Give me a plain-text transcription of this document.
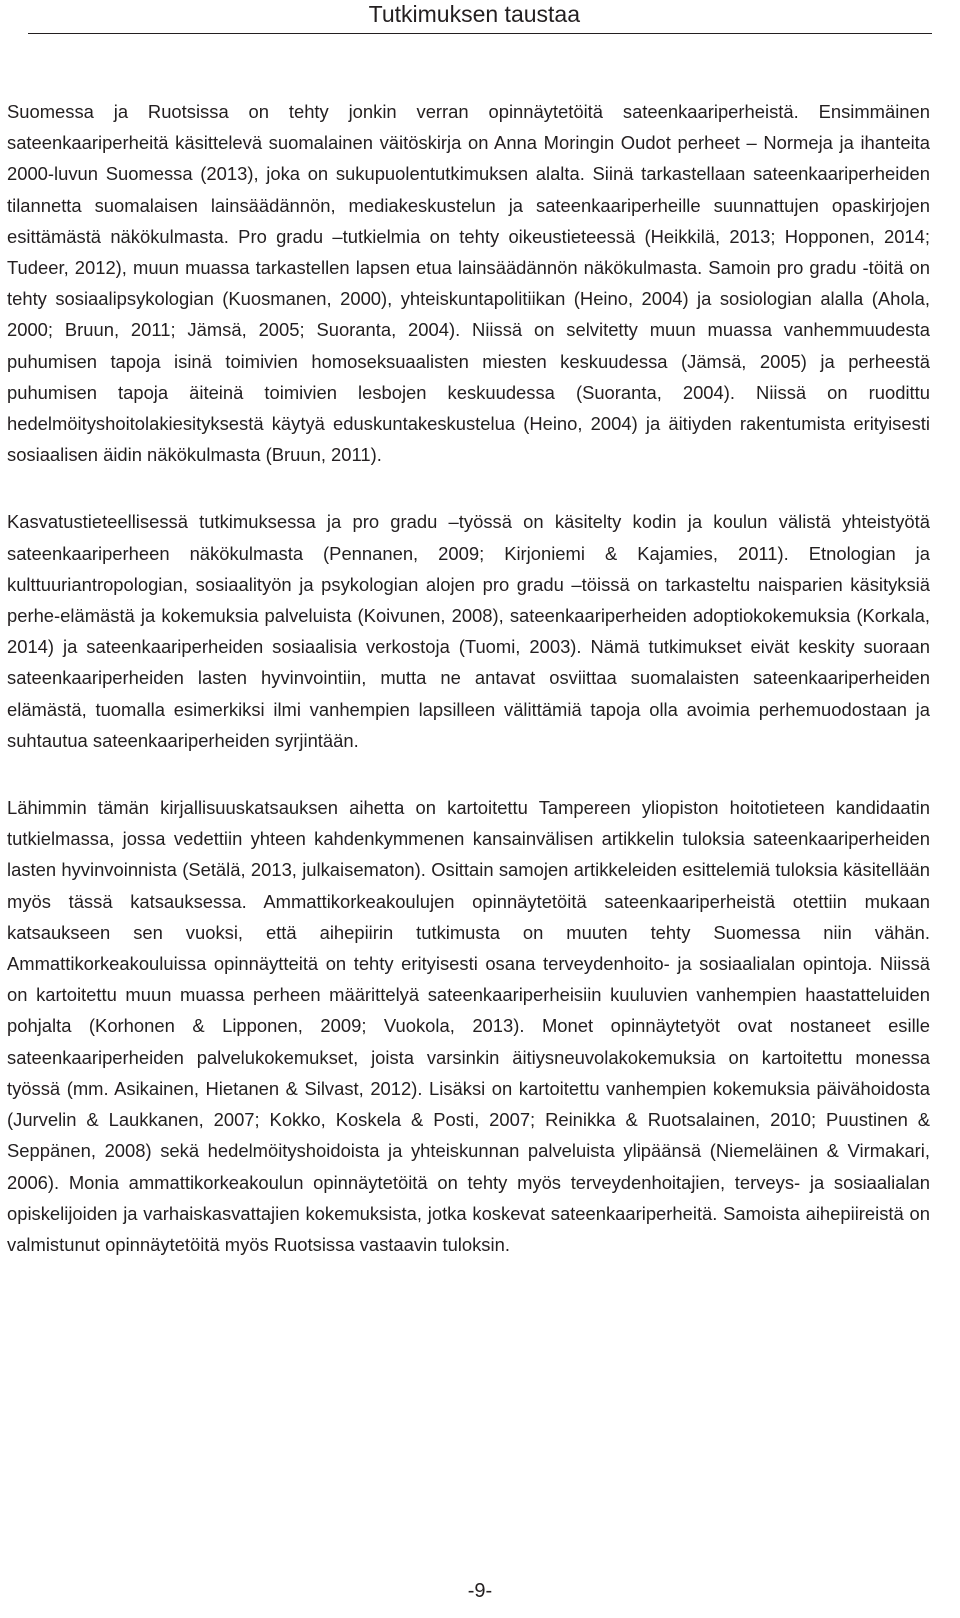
Tutkimuksen taustaa

Suomessa ja Ruotsissa on tehty jonkin verran opinnäytetöitä sateenkaariperheistä. Ensimmäinen sateenkaariperheitä käsittelevä suomalainen väitöskirja on Anna Moringin Oudot perheet – Normeja ja ihanteita 2000-luvun Suomessa (2013), joka on sukupuolentutkimuksen alalta. Siinä tarkastellaan sateenkaariperheiden tilannetta suomalaisen lainsäädännön, mediakeskustelun ja sateenkaariperheille suunnattujen opaskirjojen esittämästä näkökulmasta. Pro gradu –tutkielmia on tehty oikeustieteessä (Heikkilä, 2013; Hopponen, 2014; Tudeer, 2012), muun muassa tarkastellen lapsen etua lainsäädännön näkökulmasta. Samoin pro gradu -töitä on tehty sosiaalipsykologian (Kuosmanen, 2000), yhteiskuntapolitiikan (Heino, 2004) ja sosiologian alalla (Ahola, 2000; Bruun, 2011; Jämsä, 2005; Suoranta, 2004). Niissä on selvitetty muun muassa vanhemmuudesta puhumisen tapoja isinä toimivien homoseksuaalisten miesten keskuudessa (Jämsä, 2005) ja perheestä puhumisen tapoja äiteinä toimivien lesbojen keskuudessa (Suoranta, 2004). Niissä on ruodittu hedelmöityshoitolakiesityksestä käytyä eduskuntakeskustelua (Heino, 2004) ja äitiyden rakentumista erityisesti sosiaalisen äidin näkökulmasta (Bruun, 2011).

Kasvatustieteellisessä tutkimuksessa ja pro gradu –työssä on käsitelty kodin ja koulun välistä yhteistyötä sateenkaariperheen näkökulmasta (Pennanen, 2009; Kirjoniemi & Kajamies, 2011). Etnologian ja kulttuuriantropologian, sosiaalityön ja psykologian alojen pro gradu –töissä on tarkasteltu naisparien käsityksiä perhe-elämästä ja kokemuksia palveluista (Koivunen, 2008), sateenkaariperheiden adoptiokokemuksia (Korkala, 2014) ja sateenkaariperheiden sosiaalisia verkostoja (Tuomi, 2003). Nämä tutkimukset eivät keskity suoraan sateenkaariperheiden lasten hyvinvointiin, mutta ne antavat osviittaa suomalaisten sateenkaariperheiden elämästä, tuomalla esimerkiksi ilmi vanhempien lapsilleen välittämiä tapoja olla avoimia perhemuodostaan ja suhtautua sateenkaariperheiden syrjintään.

Lähimmin tämän kirjallisuuskatsauksen aihetta on kartoitettu Tampereen yliopiston hoitotieteen kandidaatin tutkielmassa, jossa vedettiin yhteen kahdenkymmenen kansainvälisen artikkelin tuloksia sateenkaariperheiden lasten hyvinvoinnista (Setälä, 2013, julkaisematon). Osittain samojen artikkeleiden esittelemiä tuloksia käsitellään myös tässä katsauksessa. Ammattikorkeakoulujen opinnäytetöitä sateenkaariperheistä otettiin mukaan katsaukseen sen vuoksi, että aihepiirin tutkimusta on muuten tehty Suomessa niin vähän. Ammattikorkeakouluissa opinnäytteitä on tehty erityisesti osana terveydenhoito- ja sosiaalialan opintoja. Niissä on kartoitettu muun muassa perheen määrittelyä sateenkaariperheisiin kuuluvien vanhempien haastatteluiden pohjalta (Korhonen & Lipponen, 2009; Vuokola, 2013). Monet opinnäytetyöt ovat nostaneet esille sateenkaariperheiden palvelukokemukset, joista varsinkin äitiysneuvolakokemuksia on kartoitettu monessa työssä (mm. Asikainen, Hietanen & Silvast, 2012). Lisäksi on kartoitettu vanhempien kokemuksia päivähoidosta (Jurvelin & Laukkanen, 2007; Kokko, Koskela & Posti, 2007; Reinikka & Ruotsalainen, 2010; Puustinen & Seppänen, 2008) sekä hedelmöityshoidoista ja yhteiskunnan palveluista ylipäänsä (Niemeläinen & Virmakari, 2006). Monia ammattikorkeakoulun opinnäytetöitä on tehty myös terveydenhoitajien, terveys- ja sosiaalialan opiskelijoiden ja varhaiskasvattajien kokemuksista, jotka koskevat sateenkaariperheitä. Samoista aihepiireistä on valmistunut opinnäytetöitä myös Ruotsissa vastaavin tuloksin.

-9-
